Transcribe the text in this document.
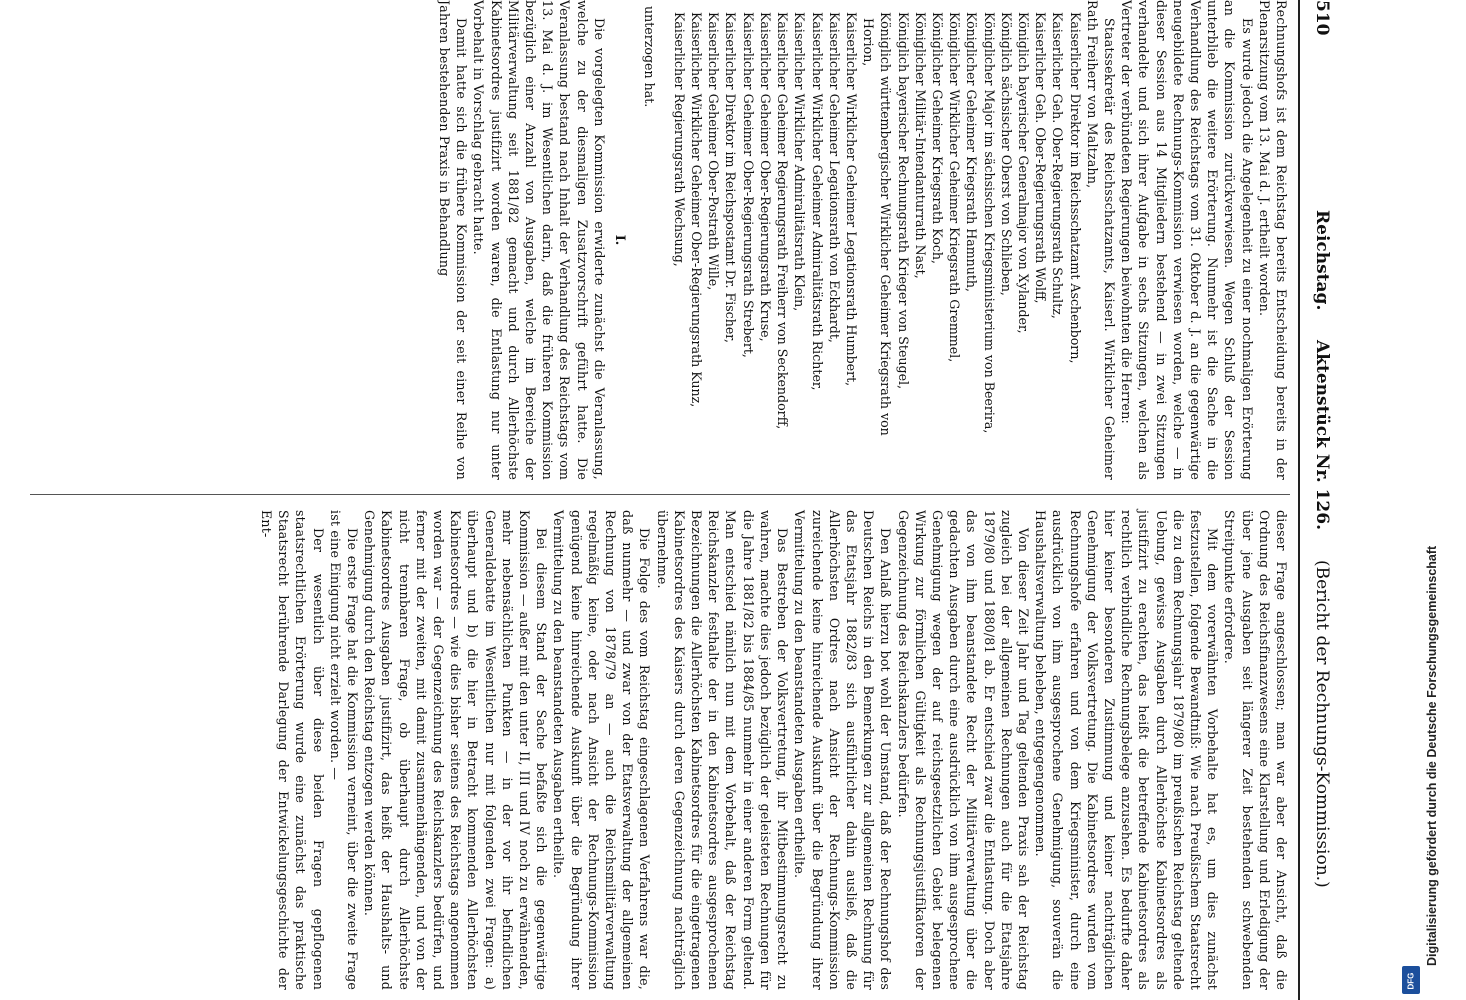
510
Reichstag.
Aktenstück Nr. 126.
(Bericht der Rechnungs-Kommission.)

Rechnungshofs ist dem Reichstag bereits Entscheidung bereits in der Plenarsitzung vom 13. Mai d. J. ertheilt worden.

Es wurde jedoch die Angelegenheit zu einer nochmaligen Erörterung an die Kommission zurückverwiesen. Wegen Schluß der Session unterblieb die weitere Erörterung. Nunmehr ist die Sache in die Verhandlung des Reichstags vom 31. Oktober d. J. an die gegenwärtige neugebildete Rechnungs-Kommission verwiesen worden, welche — in dieser Session aus 14 Mitgliedern bestehend — in zwei Sitzungen verhandelte und sich ihrer Aufgabe in sechs Sitzungen, welchen als Vertreter der verbündeten Regierungen beiwohnten die Herren:

Staatssekretär des Reichsschatzamts, Kaiserl. Wirklicher Geheimer Rath Freiherr von Maltzahn,

Kaiserlicher Direktor im Reichsschatzamt Aschenborn,

Kaiserlicher Geh. Ober-Regierungsrath Schultz,

Kaiserlicher Geh. Ober-Regierungsrath Wolff,

Königlich bayerischer Generalmajor von Xylander,

Königlich sächsischer Oberst von Schlieben,

Königlicher Major im sächsischen Kriegsministerium von Beerira,

Königlicher Geheimer Kriegsrath Hamnuth,

Königlicher Wirklicher Geheimer Kriegsrath Gremmel,

Königlicher Geheimer Kriegsrath Koch,

Königlicher Militär-Intendanturrath Nast,

Königlich bayerischer Rechnungsrath Krieger von Steugel,

Königlich württembergischer Wirklicher Geheimer Kriegsrath von Horion,

Kaiserlicher Wirklicher Geheimer Legationsrath Humbert,

Kaiserlicher Geheimer Legationsrath von Eckhardt,

Kaiserlicher Wirklicher Geheimer Admiralitätsrath Richter,

Kaiserlicher Wirklicher Admiralitätsrath Klein,

Kaiserlicher Geheimer Regierungsrath Freiherr von Seckendorff,

Kaiserlicher Geheimer Ober-Regierungsrath Kruse,

Kaiserlicher Geheimer Ober-Regierungsrath Strebert,

Kaiserlicher Direktor im Reichspostamt Dr. Fischer,

Kaiserlicher Geheimer Ober-Postrath Wille,

Kaiserlicher Wirklicher Geheimer Ober-Regierungsrath Kunz,

Kaiserlicher Regierungsrath Wechsung,

unterzogen hat.

I.

Die vorgelegten Kommission erwiderte zunächst die Veranlassung, welche zu der diesmaligen Zusatzvorschrift geführt hatte. Die Veranlassung bestand nach Inhalt der Verhandlung des Reichstags vom 13. Mai d. J. im Wesentlichen darin, daß die früheren Kommission bezüglich einer Anzahl von Ausgaben, welche im Bereiche der Militärverwaltung seit 1881/82 gemacht und durch Allerhöchste Kabinetsordres justifizirt worden waren, die Entlastung nur unter Vorbehalt in Vorschlag gebracht hatte.

Damit hatte sich die frühere Kommission der seit einer Reihe von Jahren bestehenden Praxis in Behandlung

dieser Frage angeschlossen; man war aber der Ansicht, daß die Ordnung des Reichsfinanzwesens eine Klarstellung und Erledigung der über jene Ausgaben seit längerer Zeit bestehenden schwebenden Streitpunkte erfordere.

Mit dem vorerwähnten Vorbehalte hat es, um dies zunächst festzustellen, folgende Bewandtniß: Wie nach Preußischem Staatsrecht die zu dem Rechnungsjahr 1879/80 im preußischen Reichstag geltende Uebung, gewisse Ausgaben durch Allerhöchste Kabinetsordres als justifizirt zu erachten, das heißt die betreffende Kabinetsordres als rechtlich verbindliche Rechnungsbelege anzusehen. Es bedurfte daher hier keiner besonderen Zustimmung und keiner nachträglichen Genehmigung der Volksvertretung. Die Kabinetsordres wurden vom Rechnungshofe erfahren und von dem Kriegsminister, durch eine ausdrücklich von ihm ausgesprochene Genehmigung, souverän die Haushaltsverwaltung beheben, entgegengenommen.

Von dieser Zeit Jahr und Tag geltenden Praxis sah der Reichstag zugleich bei der allgemeinen Rechnungen auch für die Etatsjahre 1879/80 und 1880/81 ab. Er entschied zwar die Entlastung. Doch aber das von ihm beanstandete Recht der Militärverwaltung über die gedachten Ausgaben durch eine ausdrücklich von ihm ausgesprochene Genehmigung wegen der auf reichsgesetzlichen Gebiet belegenen Wirkung zur förmlichen Gültigkeit als Rechnungsjustifikatoren der Gegenzeichnung des Reichskanzlers bedürfen.

Den Anlaß hierzu bot wohl der Umstand, daß der Rechnungshof des Deutschen Reichs in den Bemerkungen zur allgemeinen Rechnung für das Etatsjahr 1882/83 sich ausführlicher dahin ausließ, daß die Allerhöchsten Ordres nach Ansicht der Rechnungs-Kommission zureichende keine hinreichende Auskunft über die Begründung ihrer Vermittelung zu den beanstandeten Ausgaben ertheilte.

Das Bestreben der Volksvertretung, ihr Mitbestimmungsrecht zu wahren, machte dies jedoch bezüglich der geleisteten Rechnungen für die Jahre 1881/82 bis 1884/85 nunmehr in einer anderen Form geltend. Man entschied nämlich nun mit dem Vorbehalt, daß der Reichstag Reichskanzler festhalte der in den Kabinetsordres ausgesprochenen Bezeichnungen die Allerhöchsten Kabinetsordres für die eingetragenen Kabinetsordres des Kaisers durch deren Gegenzeichnung nachträglich übernehme.

Die Folge des vom Reichstag eingeschlagenen Verfahrens war die, daß nunmehr — und zwar von der Etatsverwaltung der allgemeinen Rechnung von 1878/79 an — auch die Reichsmilitärverwaltung regelmäßig keine, oder nach Ansicht der Rechnungs-Kommission genügend keine hinreichende Auskunft über die Begründung ihrer Vermittelung zu den beanstandeten Ausgaben ertheilte.

Bei diesem Stand der Sache befaßte sich die gegenwärtige Kommission — außer mit den unter II, III und IV noch zu erwähnenden, mehr nebensächlichen Punkten — in der vor ihr befindlichen Generaldebatte im Wesentlichen nur mit folgenden zwei Fragen: a) überhaupt und b) die hier in Betracht kommenden Allerhöchsten Kabinetsordres — wie dies bisher seitens des Reichstags angenommen worden war — der Gegenzeichnung des Reichskanzlers bedürfen, und ferner mit der zweiten, mit damit zusammenhängenden, und von der nicht trennbaren Frage, ob überhaupt durch Allerhöchste Kabinetsordres Ausgaben justifizirt, das heißt der Haushalts- und Genehmigung durch den Reichstag entzogen werden können.

Die erste Frage hat die Kommission verneint, über die zweite Frage ist eine Einigung nicht erzielt worden. —

Der wesentlich über diese beiden Fragen gepflogenen staatsrechtlichen Erörterung wurde eine zunächst das praktische Staatsrecht berührende Darlegung der Entwickelungsgeschichte der Ent-

Digitalisierung gefördert durch die Deutsche Forschungsgemeinschaft
DFG
